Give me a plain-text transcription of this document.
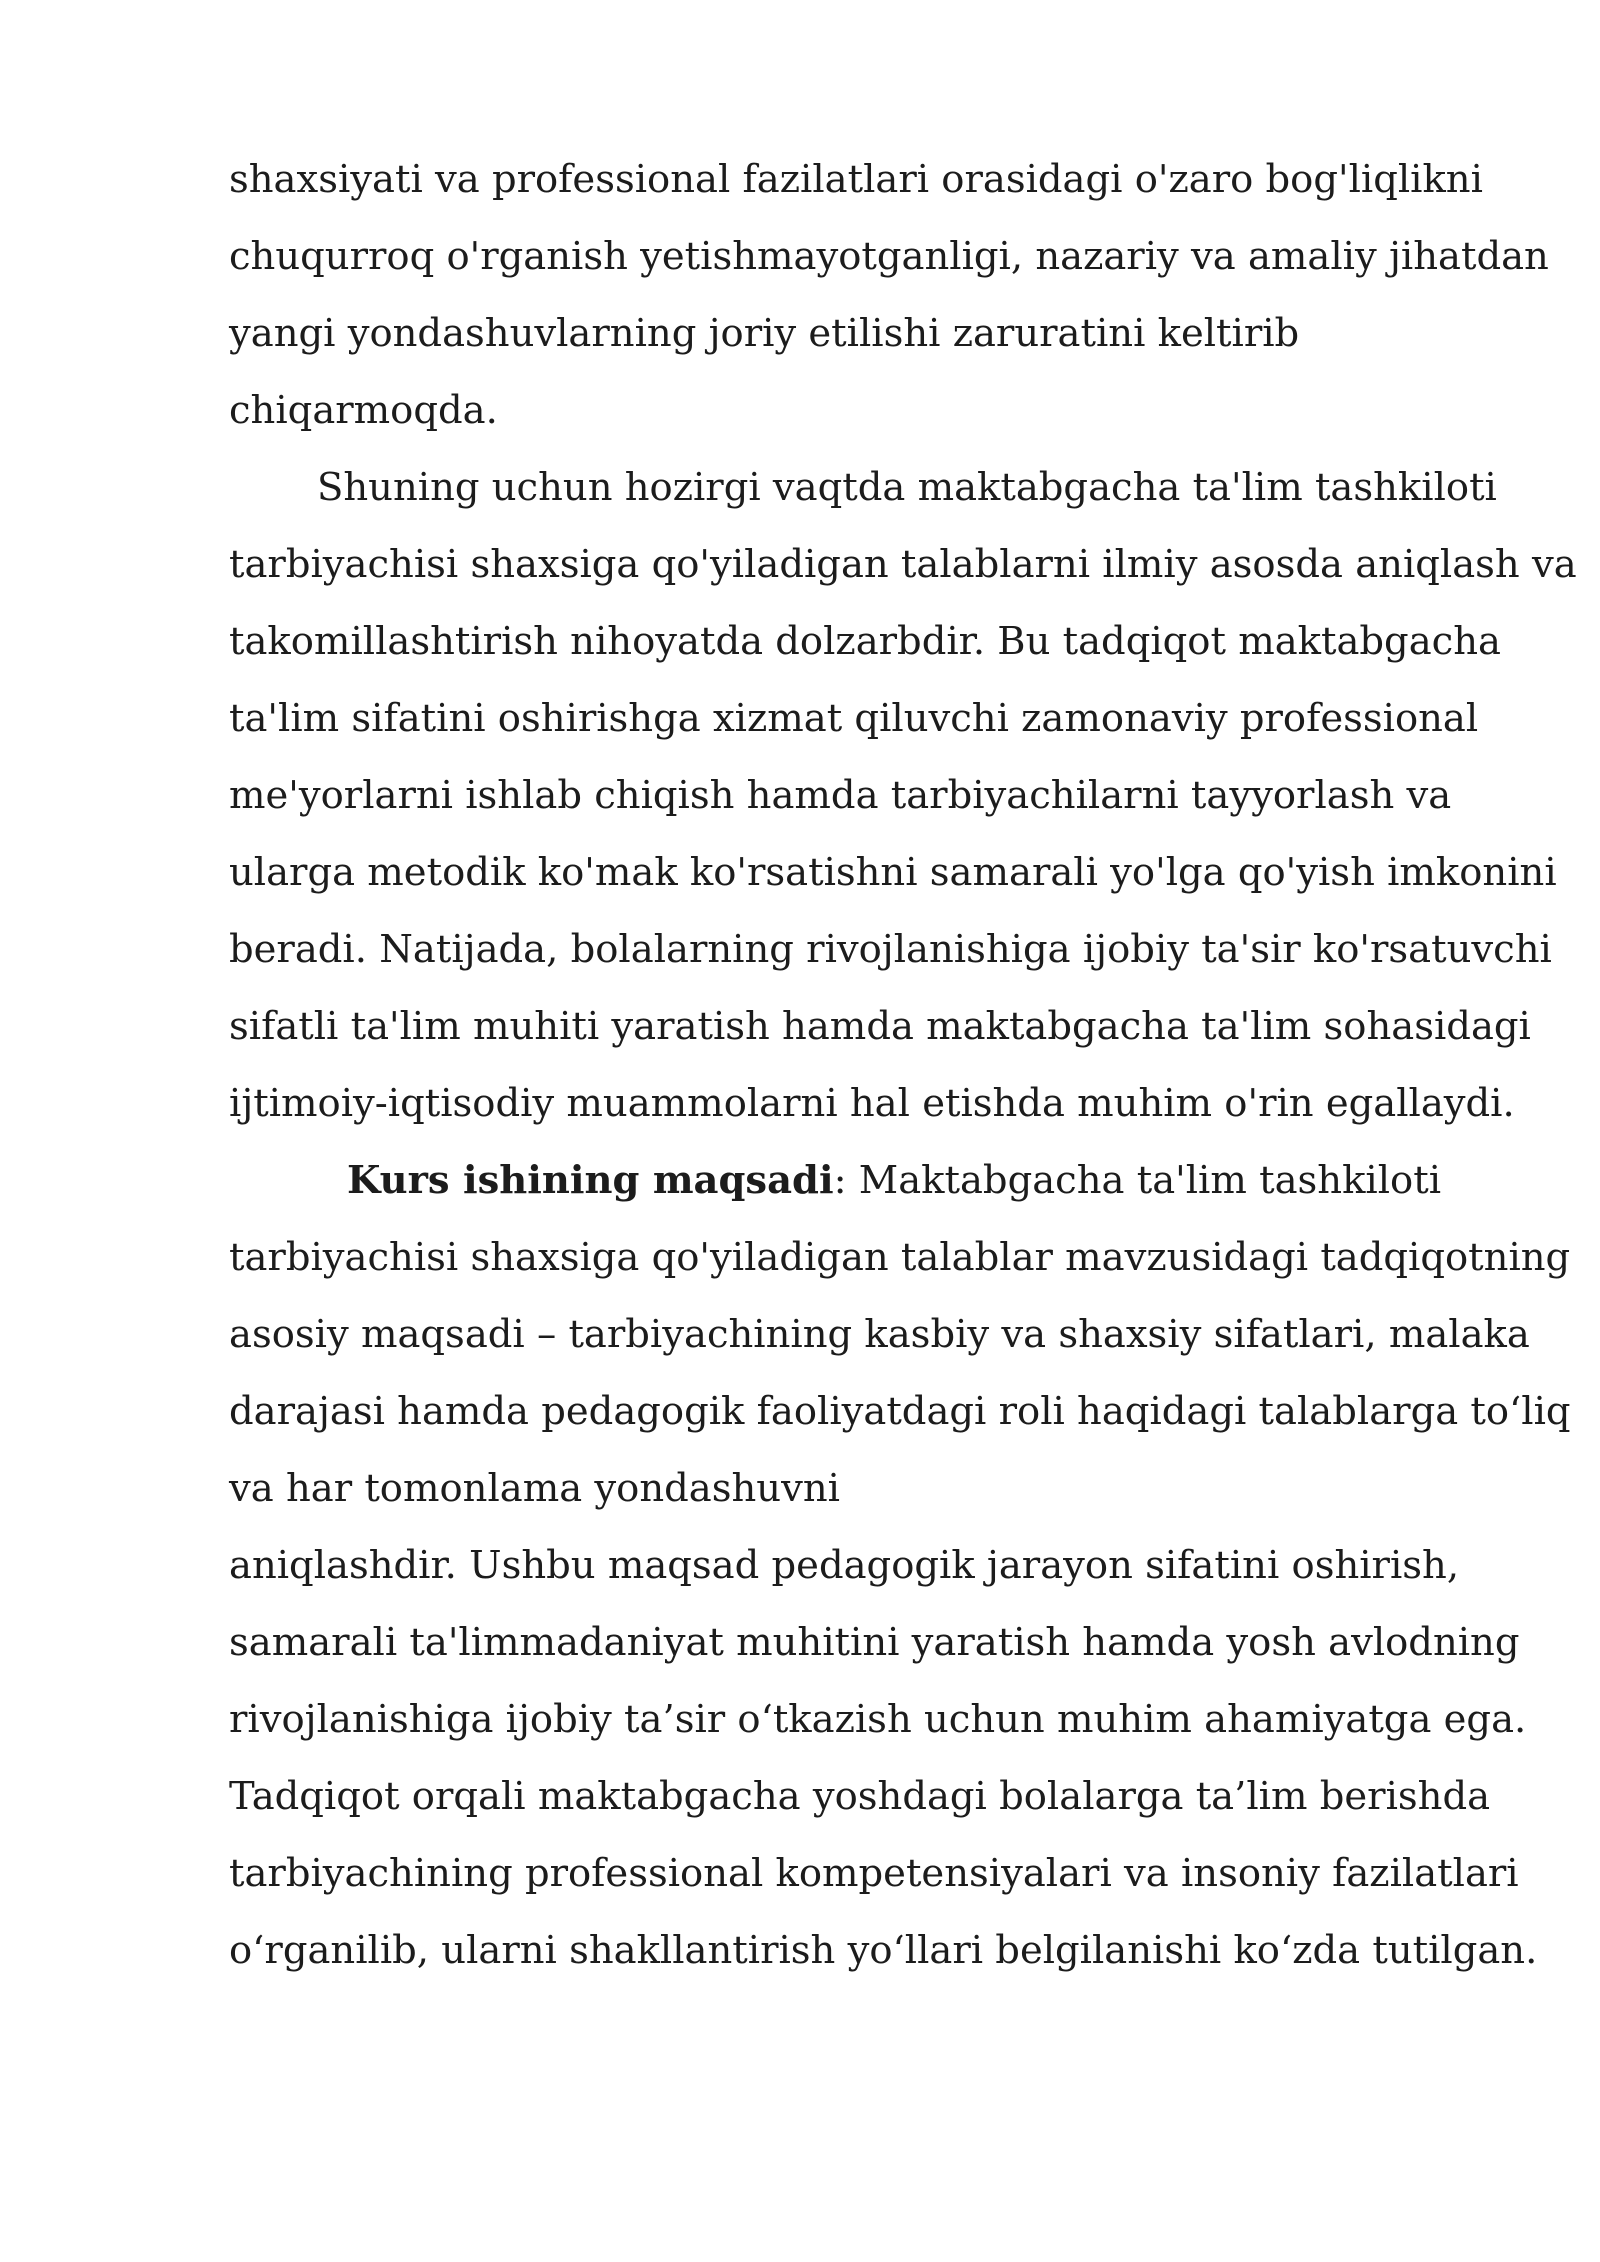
shaxsiyati va professional fazilatlari orasidagi o'zaro bog'liqlikni
chuqurroq o'rganish yetishmayotganligi, nazariy va amaliy jihatdan
yangi yondashuvlarning joriy etilishi zaruratini keltirib
chiqarmoqda.
Shuning uchun hozirgi vaqtda maktabgacha ta'lim tashkiloti
tarbiyachisi shaxsiga qo'yiladigan talablarni ilmiy asosda aniqlash va
takomillashtirish nihoyatda dolzarbdir. Bu tadqiqot maktabgacha
ta'lim sifatini oshirishga xizmat qiluvchi zamonaviy professional
me'yorlarni ishlab chiqish hamda tarbiyachilarni tayyorlash va
ularga metodik ko'mak ko'rsatishni samarali yo'lga qo'yish imkonini
beradi. Natijada, bolalarning rivojlanishiga ijobiy ta'sir ko'rsatuvchi
sifatli ta'lim muhiti yaratish hamda maktabgacha ta'lim sohasidagi
ijtimoiy-iqtisodiy muammolarni hal etishda muhim o'rin egallaydi.
Kurs ishining maqsadi: Maktabgacha ta'lim tashkiloti
tarbiyachisi shaxsiga qo'yiladigan talablar mavzusidagi tadqiqotning
asosiy maqsadi – tarbiyachining kasbiy va shaxsiy sifatlari, malaka
darajasi hamda pedagogik faoliyatdagi roli haqidagi talablarga to‘liq
va har tomonlama yondashuvni
aniqlashdir. Ushbu maqsad pedagogik jarayon sifatini oshirish,
samarali ta'limmadaniyat muhitini yaratish hamda yosh avlodning
rivojlanishiga ijobiy ta’sir o‘tkazish uchun muhim ahamiyatga ega.
Tadqiqot orqali maktabgacha yoshdagi bolalarga ta’lim berishda
tarbiyachining professional kompetensiyalari va insoniy fazilatlari
o‘rganilib, ularni shakllantirish yo‘llari belgilanishi ko‘zda tutilgan.
